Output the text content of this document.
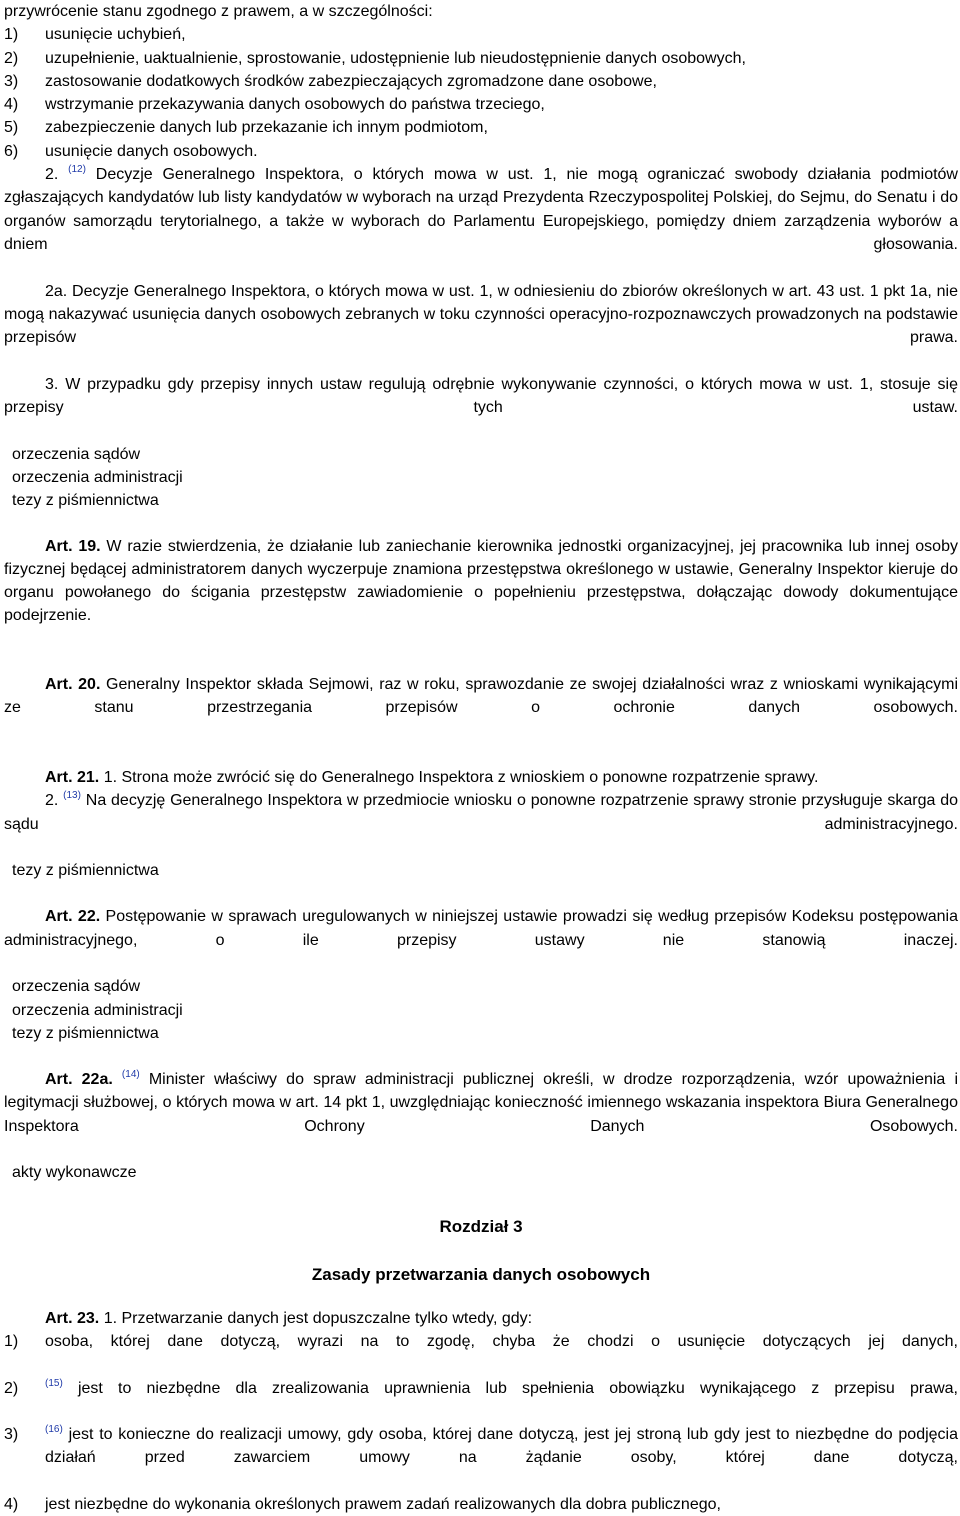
przywrócenie stanu zgodnego z prawem, a w szczególności:

1)	usunięcie uchybień,
2)	uzupełnienie, uaktualnienie, sprostowanie, udostępnienie lub nieudostępnienie danych osobowych,
3)	zastosowanie dodatkowych środków zabezpieczających zgromadzone dane osobowe,
4)	wstrzymanie przekazywania danych osobowych do państwa trzeciego,
5)	zabezpieczenie danych lub przekazanie ich innym podmiotom,
6)	usunięcie danych osobowych.

2. $^{(12)}$ Decyzje Generalnego Inspektora, o których mowa w ust. 1, nie mogą ograniczać swobody działania podmiotów zgłaszających kandydatów lub listy kandydatów w wyborach na urząd Prezydenta Rzeczypospolitej Polskiej, do Sejmu, do Senatu i do organów samorządu terytorialnego, a także w wyborach do Parlamentu Europejskiego, pomiędzy dniem zarządzenia wyborów a dniem głosowania.

2a. Decyzje Generalnego Inspektora, o których mowa w ust. 1, w odniesieniu do zbiorów określonych w art. 43 ust. 1 pkt 1a, nie mogą nakazywać usunięcia danych osobowych zebranych w toku czynności operacyjno-rozpoznawczych prowadzonych na podstawie przepisów prawa.

3. W przypadku gdy przepisy innych ustaw regulują odrębnie wykonywanie czynności, o których mowa w ust. 1, stosuje się przepisy tych ustaw.

orzeczenia sądów
orzeczenia administracji
tezy z piśmiennictwa

Art. 19. W razie stwierdzenia, że działanie lub zaniechanie kierownika jednostki organizacyjnej, jej pracownika lub innej osoby fizycznej będącej administratorem danych wyczerpuje znamiona przestępstwa określonego w ustawie, Generalny Inspektor kieruje do organu powołanego do ścigania przestępstw zawiadomienie o popełnieniu przestępstwa, dołączając dowody dokumentujące podejrzenie.

Art. 20. Generalny Inspektor składa Sejmowi, raz w roku, sprawozdanie ze swojej działalności wraz z wnioskami wynikającymi ze stanu przestrzegania przepisów o ochronie danych osobowych.

Art. 21. 1. Strona może zwrócić się do Generalnego Inspektora z wnioskiem o ponowne rozpatrzenie sprawy.

2. $^{(13)}$ Na decyzję Generalnego Inspektora w przedmiocie wniosku o ponowne rozpatrzenie sprawy stronie przysługuje skarga do sądu administracyjnego.

tezy z piśmiennictwa

Art. 22. Postępowanie w sprawach uregulowanych w niniejszej ustawie prowadzi się według przepisów Kodeksu postępowania administracyjnego, o ile przepisy ustawy nie stanowią inaczej.

orzeczenia sądów
orzeczenia administracji
tezy z piśmiennictwa

Art. 22a. $^{(14)}$ Minister właściwy do spraw administracji publicznej określi, w drodze rozporządzenia, wzór upoważnienia i legitymacji służbowej, o których mowa w art. 14 pkt 1, uwzględniając konieczność imiennego wskazania inspektora Biura Generalnego Inspektora Ochrony Danych Osobowych.

akty wykonawcze

Rozdział 3

Zasady przetwarzania danych osobowych

Art. 23. 1. Przetwarzanie danych jest dopuszczalne tylko wtedy, gdy:

1)	osoba, której dane dotyczą, wyrazi na to zgodę, chyba że chodzi o usunięcie dotyczących jej danych,
2)	$^{(15)}$ jest to niezbędne dla zrealizowania uprawnienia lub spełnienia obowiązku wynikającego z przepisu prawa,
3)	$^{(16)}$ jest to konieczne do realizacji umowy, gdy osoba, której dane dotyczą, jest jej stroną lub gdy jest to niezbędne do podjęcia działań przed zawarciem umowy na żądanie osoby, której dane dotyczą,
4)	jest niezbędne do wykonania określonych prawem zadań realizowanych dla dobra publicznego,
